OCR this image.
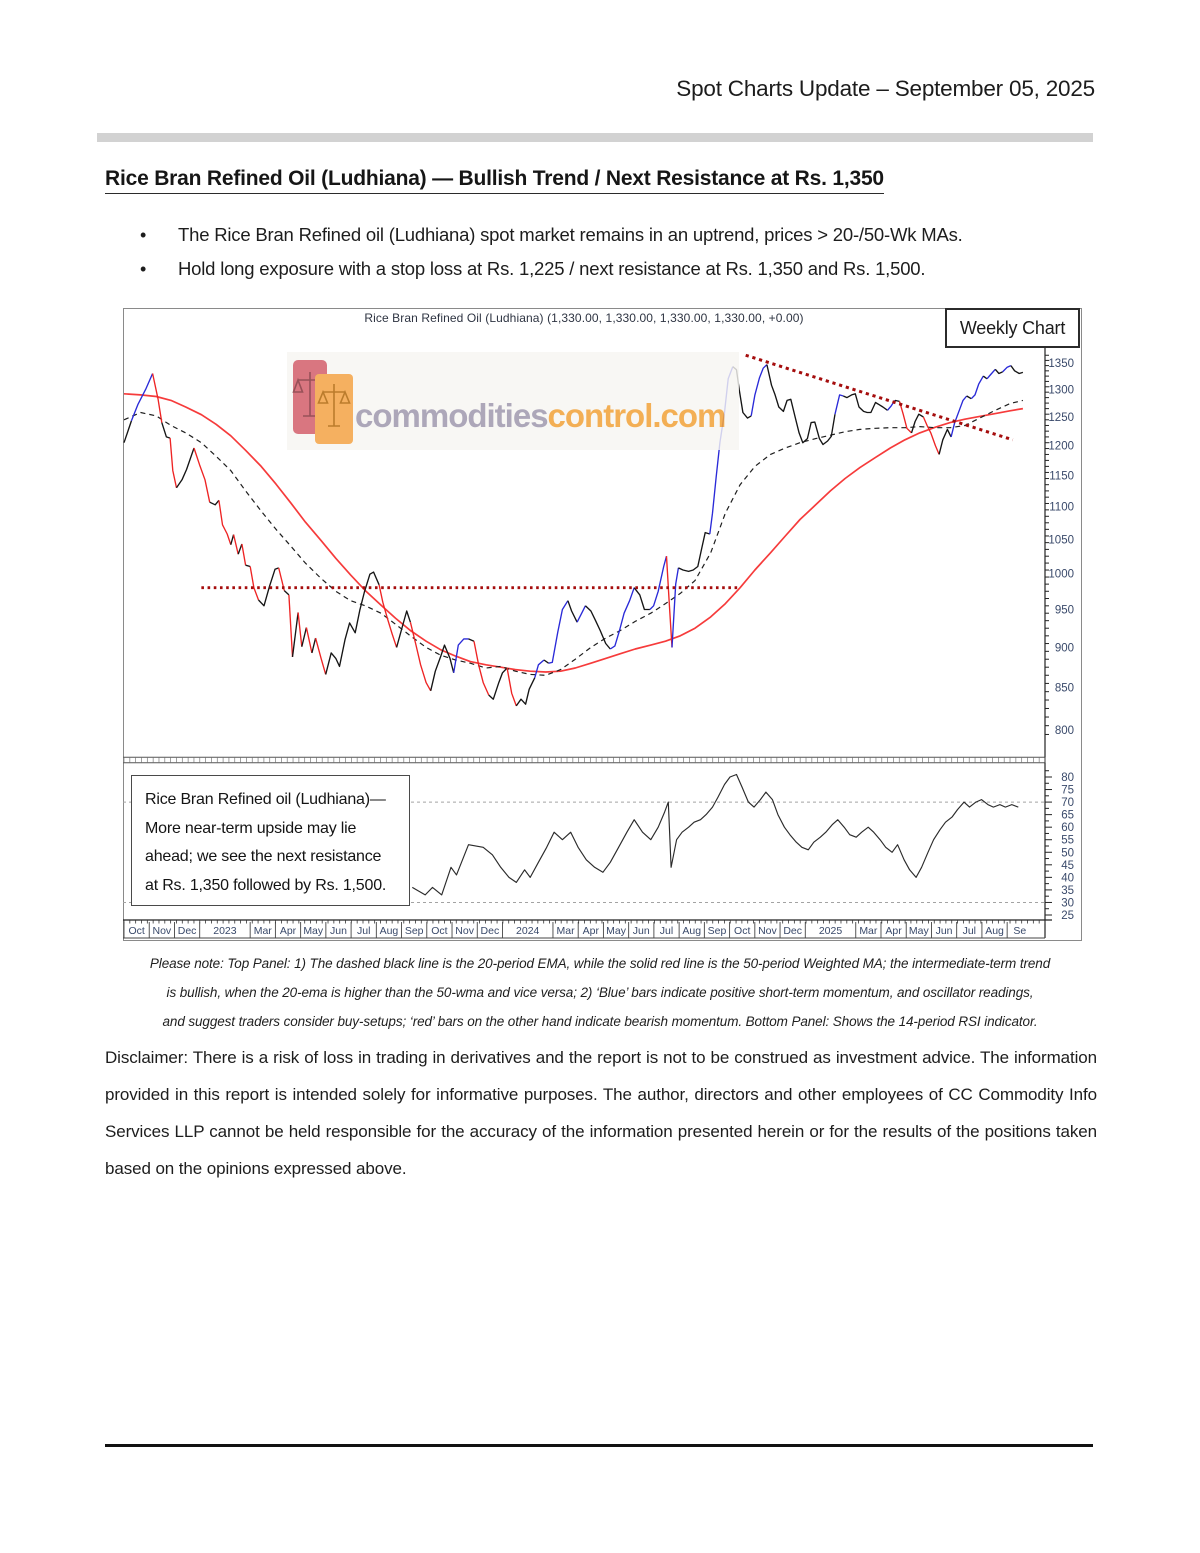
Spot Charts Update – September 05, 2025
Rice Bran Refined Oil (Ludhiana) — Bullish Trend / Next Resistance at Rs. 1,350
• The Rice Bran Refined oil (Ludhiana) spot market remains in an uptrend, prices > 20-/50-Wk MAs.
• Hold long exposure with a stop loss at Rs. 1,225 / next resistance at Rs. 1,350 and Rs. 1,500.
1350
1300
1250
1200
1150
1100
1050
1000
950
900
850
800
80
75
70
65
60
55
50
45
40
35
30
25
Oct Nov Dec 2023 Mar Apr May Jun Jul Aug Sep Oct Nov Dec 2024 Mar Apr May Jun Jul Aug Sep Oct Nov Dec 2025 Mar Apr May Jun Jul Aug Se
Rice Bran Refined Oil (Ludhiana) (1,330.00, 1,330.00, 1,330.00, 1,330.00, +0.00)	Weekly Chart
commoditiescontrol.com
Rice Bran Refined oil (Ludhiana)—
More near-term upside may lie
ahead; we see the next resistance
at Rs. 1,350 followed by Rs. 1,500.
Please note: Top Panel: 1) The dashed black line is the 20-period EMA, while the solid red line is the 50-period Weighted MA; the intermediate-term trend
is bullish, when the 20-ema is higher than the 50-wma and vice versa; 2) ‘Blue’ bars indicate positive short-term momentum, and oscillator readings,
and suggest traders consider buy-setups; ‘red’ bars on the other hand indicate bearish momentum. Bottom Panel: Shows the 14-period RSI indicator.
Disclaimer: There is a risk of loss in trading in derivatives and the report is not to be construed as investment advice. The information provided in this report is intended solely for informative purposes. The author, directors and other employees of CC Commodity Info Services LLP cannot be held responsible for the accuracy of the information presented herein or for the results of the positions taken based on the opinions expressed above.
